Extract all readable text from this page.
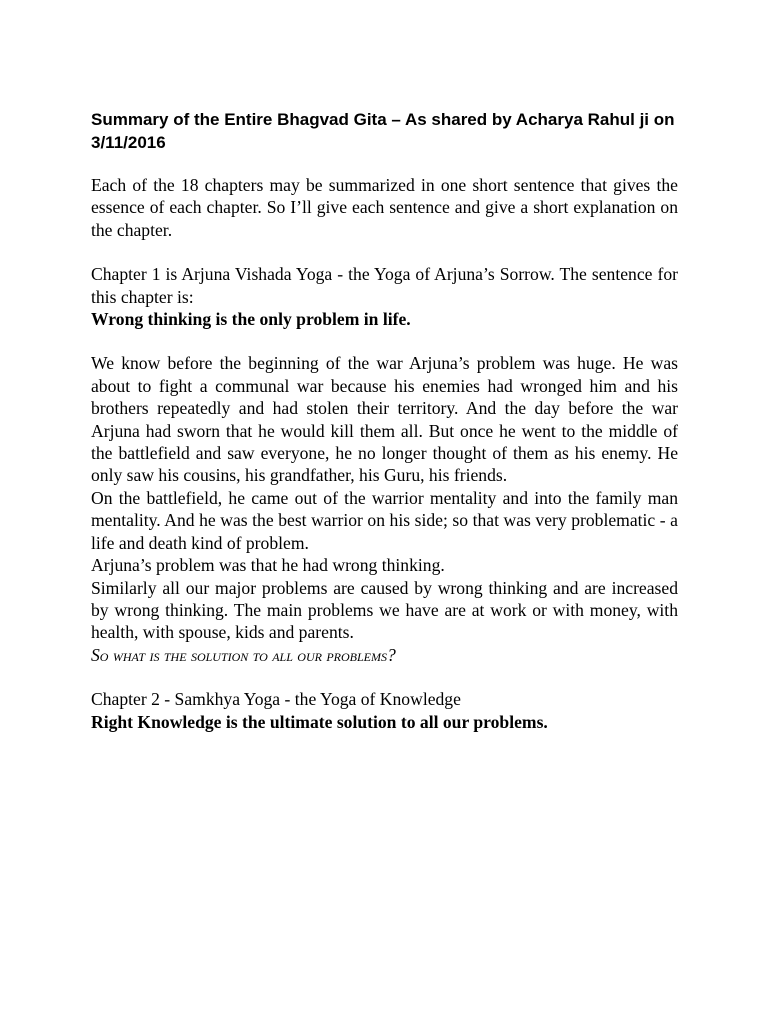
Summary of the Entire Bhagvad Gita – As shared by Acharya Rahul ji on 3/11/2016

Each of the 18 chapters may be summarized in one short sentence that gives the essence of each chapter. So I’ll give each sentence and give a short explanation on the chapter.

Chapter 1 is Arjuna Vishada Yoga - the Yoga of Arjuna’s Sorrow. The sentence for this chapter is:

Wrong thinking is the only problem in life.

We know before the beginning of the war Arjuna’s problem was huge. He was about to fight a communal war because his enemies had wronged him and his brothers repeatedly and had stolen their territory. And the day before the war Arjuna had sworn that he would kill them all. But once he went to the middle of the battlefield and saw everyone, he no longer thought of them as his enemy. He only saw his cousins, his grandfather, his Guru, his friends.

On the battlefield, he came out of the warrior mentality and into the family man mentality. And he was the best warrior on his side; so that was very problematic - a life and death kind of problem.

Arjuna’s problem was that he had wrong thinking.

Similarly all our major problems are caused by wrong thinking and are increased by wrong thinking. The main problems we have are at work or with money, with health, with spouse, kids and parents.

So what is the solution to all our problems?

Chapter 2 - Samkhya Yoga - the Yoga of Knowledge

Right Knowledge is the ultimate solution to all our problems.
